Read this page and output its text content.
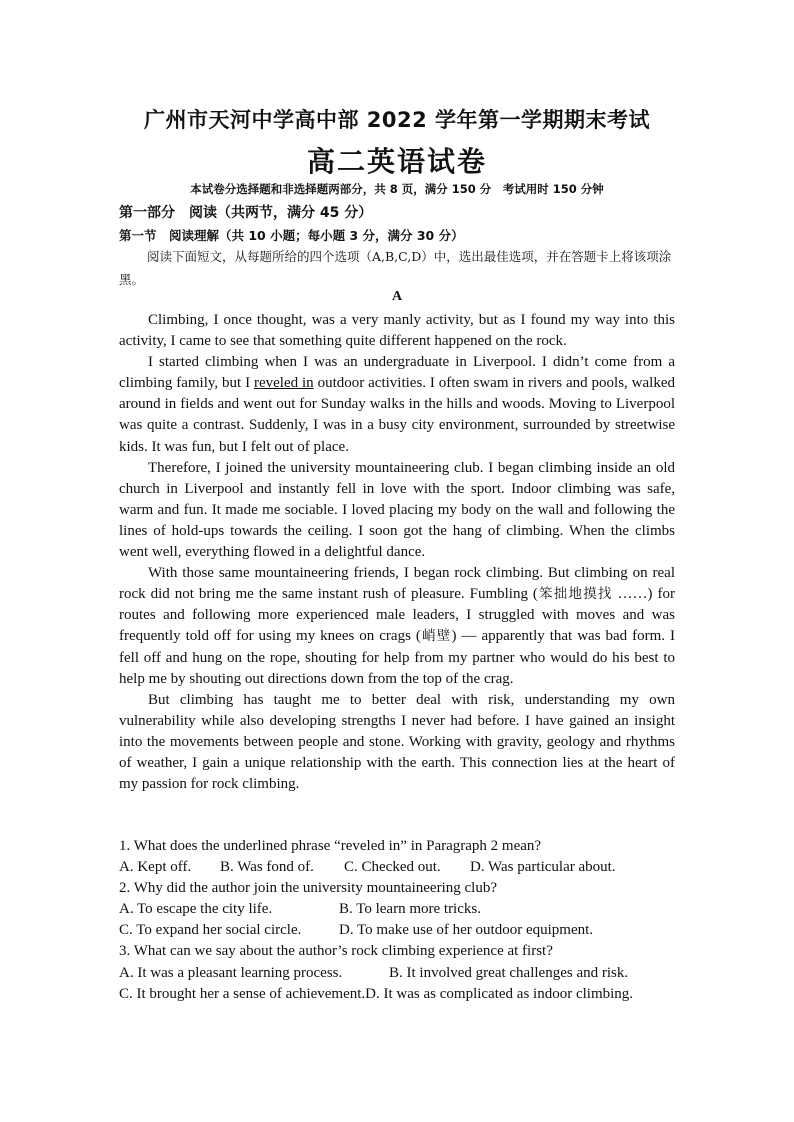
广州市天河中学高中部 2022 学年第一学期期末考试
高二英语试卷
本试卷分选择题和非选择题两部分，共 8 页，满分 150 分　考试用时 150 分钟
第一部分　阅读（共两节，满分 45 分）
第一节　阅读理解（共 10 小题；每小题 3 分，满分 30 分）
阅读下面短文，从每题所给的四个选项（A,B,C,D）中，选出最佳选项，并在答题卡上将该项涂黑。
A

Climbing, I once thought, was a very manly activity, but as I found my way into this activity, I came to see that something quite different happened on the rock.

I started climbing when I was an undergraduate in Liverpool. I didn’t come from a climbing family, but I reveled in outdoor activities. I often swam in rivers and pools, walked around in fields and went out for Sunday walks in the hills and woods. Moving to Liverpool was quite a contrast. Suddenly, I was in a busy city environment, surrounded by streetwise kids. It was fun, but I felt out of place.

Therefore, I joined the university mountaineering club. I began climbing inside an old church in Liverpool and instantly fell in love with the sport. Indoor climbing was safe, warm and fun. It made me sociable. I loved placing my body on the wall and following the lines of hold-ups towards the ceiling. I soon got the hang of climbing. When the climbs went well, everything flowed in a delightful dance.

With those same mountaineering friends, I began rock climbing. But climbing on real rock did not bring me the same instant rush of pleasure. Fumbling (笨拙地摸找 ……) for routes and following more experienced male leaders, I struggled with moves and was frequently told off for using my knees on crags (峭壁) — apparently that was bad form. I fell off and hung on the rope, shouting for help from my partner who would do his best to help me by shouting out directions down from the top of the crag.

But climbing has taught me to better deal with risk, understanding my own vulnerability while also developing strengths I never had before. I have gained an insight into the movements between people and stone. Working with gravity, geology and rhythms of weather, I gain a unique relationship with the earth. This connection lies at the heart of my passion for rock climbing.

1. What does the underlined phrase “reveled in” in Paragraph 2 mean?
A. Kept off.	B. Was fond of.	C. Checked out.	D. Was particular about.
2. Why did the author join the university mountaineering club?
A. To escape the city life.	B. To learn more tricks.
C. To expand her social circle.	D. To make use of her outdoor equipment.
3. What can we say about the author’s rock climbing experience at first?
A. It was a pleasant learning process.	B. It involved great challenges and risk.
C. It brought her a sense of achievement. D. It was as complicated as indoor climbing.
